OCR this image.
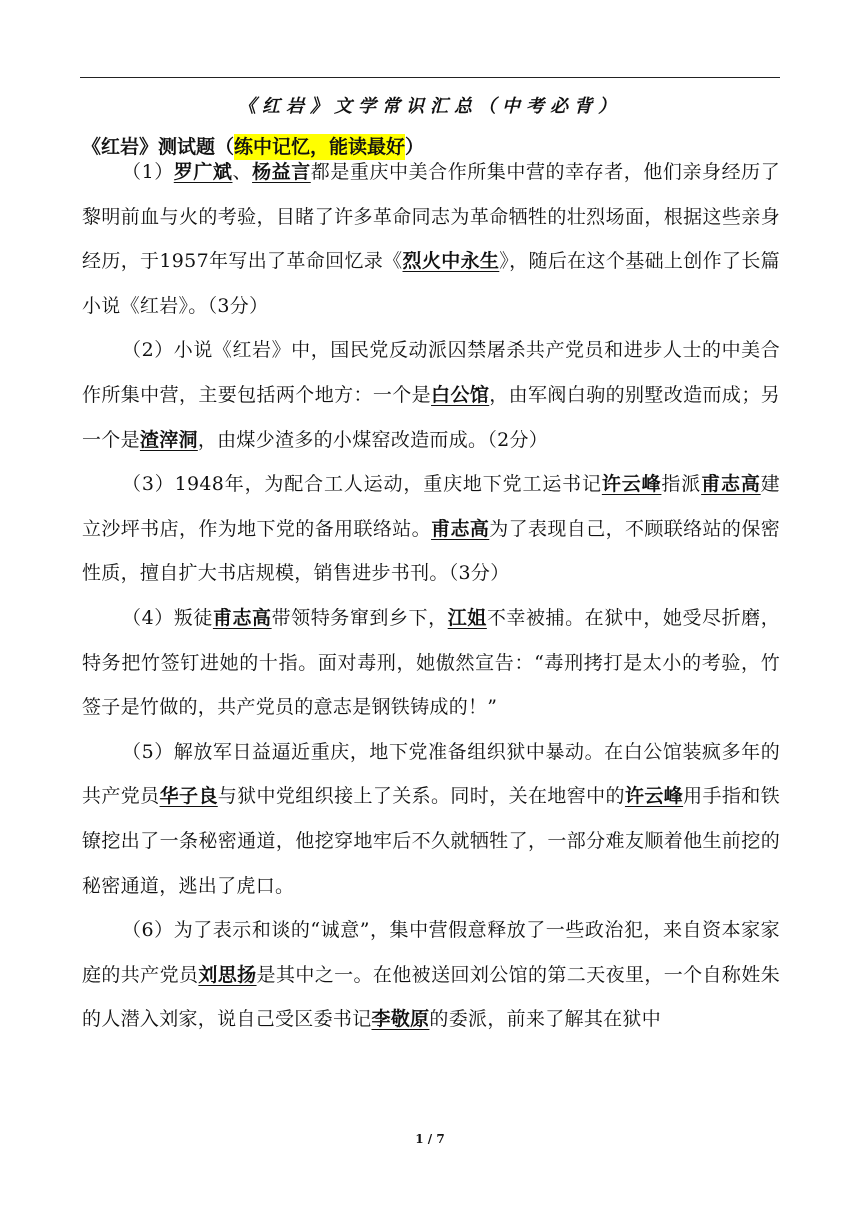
《红岩》文学常识汇总（中考必背）
《红岩》测试题（练中记忆，能读最好）

（1）罗广斌、杨益言都是重庆中美合作所集中营的幸存者，他们亲身经历了黎明前血与火的考验，目睹了许多革命同志为革命牺牲的壮烈场面，根据这些亲身经历，于1957年写出了革命回忆录《烈火中永生》，随后在这个基础上创作了长篇小说《红岩》。（3分）

（2）小说《红岩》中，国民党反动派囚禁屠杀共产党员和进步人士的中美合作所集中营，主要包括两个地方：一个是白公馆，由军阀白驹的别墅改造而成；另一个是渣滓洞，由煤少渣多的小煤窑改造而成。（2分）

（3）1948年，为配合工人运动，重庆地下党工运书记许云峰指派甫志高建立沙坪书店，作为地下党的备用联络站。甫志高为了表现自己，不顾联络站的保密性质，擅自扩大书店规模，销售进步书刊。（3分）

（4）叛徒甫志高带领特务窜到乡下，江姐不幸被捕。在狱中，她受尽折磨，特务把竹签钉进她的十指。面对毒刑，她傲然宣告：“毒刑拷打是太小的考验，竹签子是竹做的，共产党员的意志是钢铁铸成的！”

（5）解放军日益逼近重庆，地下党准备组织狱中暴动。在白公馆装疯多年的共产党员华子良与狱中党组织接上了关系。同时，关在地窖中的许云峰用手指和铁镣挖出了一条秘密通道，他挖穿地牢后不久就牺牲了，一部分难友顺着他生前挖的秘密通道，逃出了虎口。

（6）为了表示和谈的“诚意”，集中营假意释放了一些政治犯，来自资本家家庭的共产党员刘思扬是其中之一。在他被送回刘公馆的第二天夜里，一个自称姓朱的人潜入刘家，说自己受区委书记李敬原的委派，前来了解其在狱中

1 / 7
